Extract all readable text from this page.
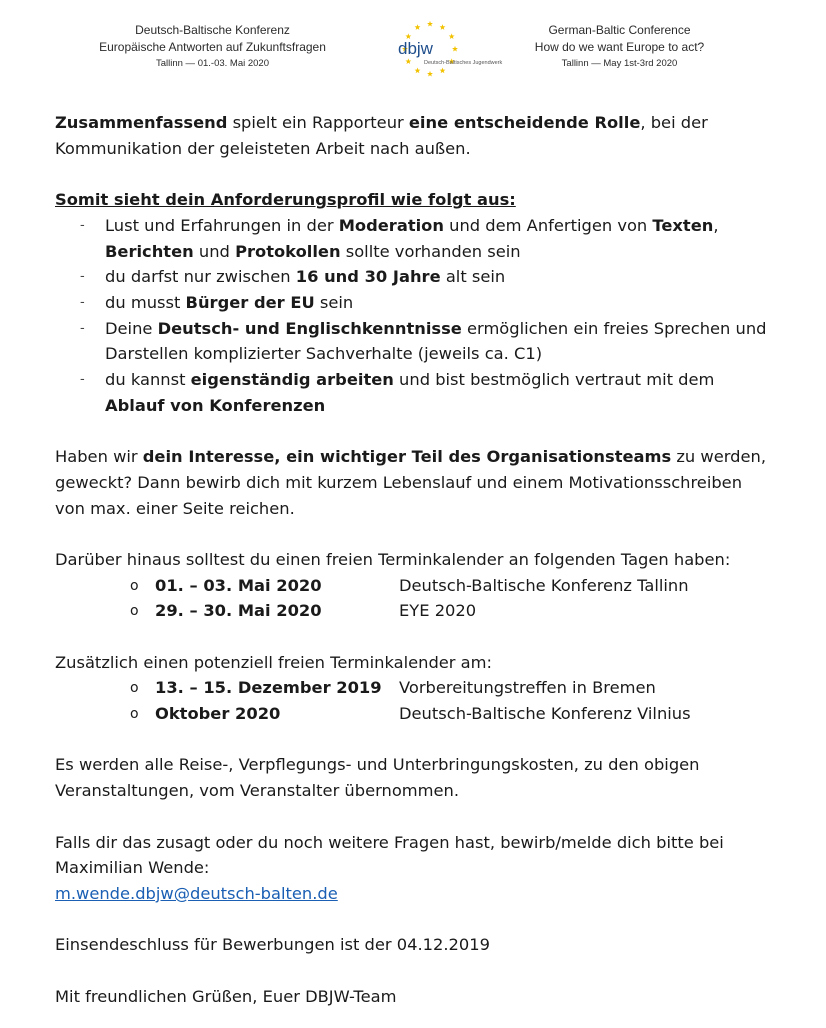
Deutsch-Baltische Konferenz
Europäische Antworten auf Zukunftsfragen
Tallinn — 01.-03. Mai 2020
dbjw
Deutsch-Baltisches Jugendwerk
German-Baltic Conference
How do we want Europe to act?
Tallinn — May 1st-3rd 2020

Zusammenfassend spielt ein Rapporteur eine entscheidende Rolle, bei der Kommunikation der geleisteten Arbeit nach außen.

Somit sieht dein Anforderungsprofil wie folgt aus:

- Lust und Erfahrungen in der Moderation und dem Anfertigen von Texten, Berichten und Protokollen sollte vorhanden sein
- du darfst nur zwischen 16 und 30 Jahre alt sein
- du musst Bürger der EU sein
- Deine Deutsch- und Englischkenntnisse ermöglichen ein freies Sprechen und Darstellen komplizierter Sachverhalte (jeweils ca. C1)
- du kannst eigenständig arbeiten und bist bestmöglich vertraut mit dem Ablauf von Konferenzen

Haben wir dein Interesse, ein wichtiger Teil des Organisationsteams zu werden, geweckt? Dann bewirb dich mit kurzem Lebenslauf und einem Motivationsschreiben von max. einer Seite reichen.

Darüber hinaus solltest du einen freien Terminkalender an folgenden Tagen haben:

o 01. – 03. Mai 2020	Deutsch-Baltische Konferenz Tallinn
o 29. – 30. Mai 2020	EYE 2020

Zusätzlich einen potenziell freien Terminkalender am:

o 13. – 15. Dezember 2019 Vorbereitungstreffen in Bremen
o Oktober 2020	Deutsch-Baltische Konferenz Vilnius

Es werden alle Reise-, Verpflegungs- und Unterbringungskosten, zu den obigen Veranstaltungen, vom Veranstalter übernommen.

Falls dir das zusagt oder du noch weitere Fragen hast, bewirb/melde dich bitte bei Maximilian Wende:

m.wende.dbjw@deutsch-balten.de

Einsendeschluss für Bewerbungen ist der 04.12.2019

Mit freundlichen Grüßen, Euer DBJW-Team
